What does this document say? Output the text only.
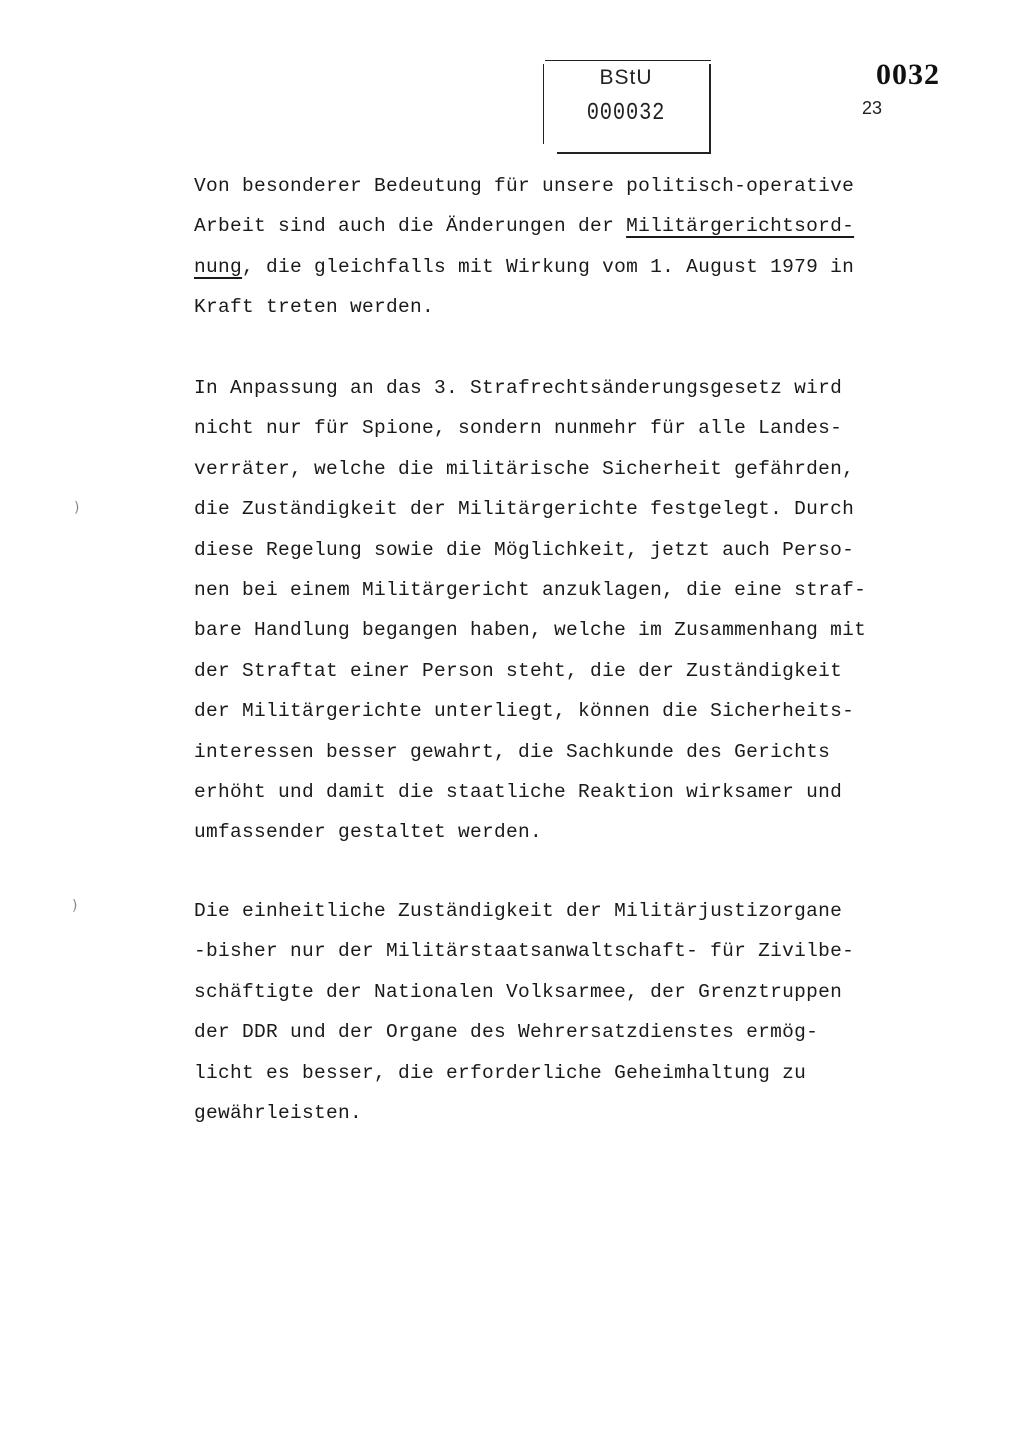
BStU
000032
0032
23
Von besonderer Bedeutung für unsere politisch-operative
Arbeit sind auch die Änderungen der Militärgerichtsord-
nung, die gleichfalls mit Wirkung vom 1. August 1979 in
Kraft treten werden.
In Anpassung an das 3. Strafrechtsänderungsgesetz wird
nicht nur für Spione, sondern nunmehr für alle Landes-
verräter, welche die militärische Sicherheit gefährden,
die Zuständigkeit der Militärgerichte festgelegt. Durch
diese Regelung sowie die Möglichkeit, jetzt auch Perso-
nen bei einem Militärgericht anzuklagen, die eine straf-
bare Handlung begangen haben, welche im Zusammenhang mit
der Straftat einer Person steht, die der Zuständigkeit
der Militärgerichte unterliegt, können die Sicherheits-
interessen besser gewahrt, die Sachkunde des Gerichts
erhöht und damit die staatliche Reaktion wirksamer und
umfassender gestaltet werden.
Die einheitliche Zuständigkeit der Militärjustizorgane
-bisher nur der Militärstaatsanwaltschaft- für Zivilbe-
schäftigte der Nationalen Volksarmee, der Grenztruppen
der DDR und der Organe des Wehrersatzdienstes ermög-
licht es besser, die erforderliche Geheimhaltung zu
gewährleisten.
)
)
